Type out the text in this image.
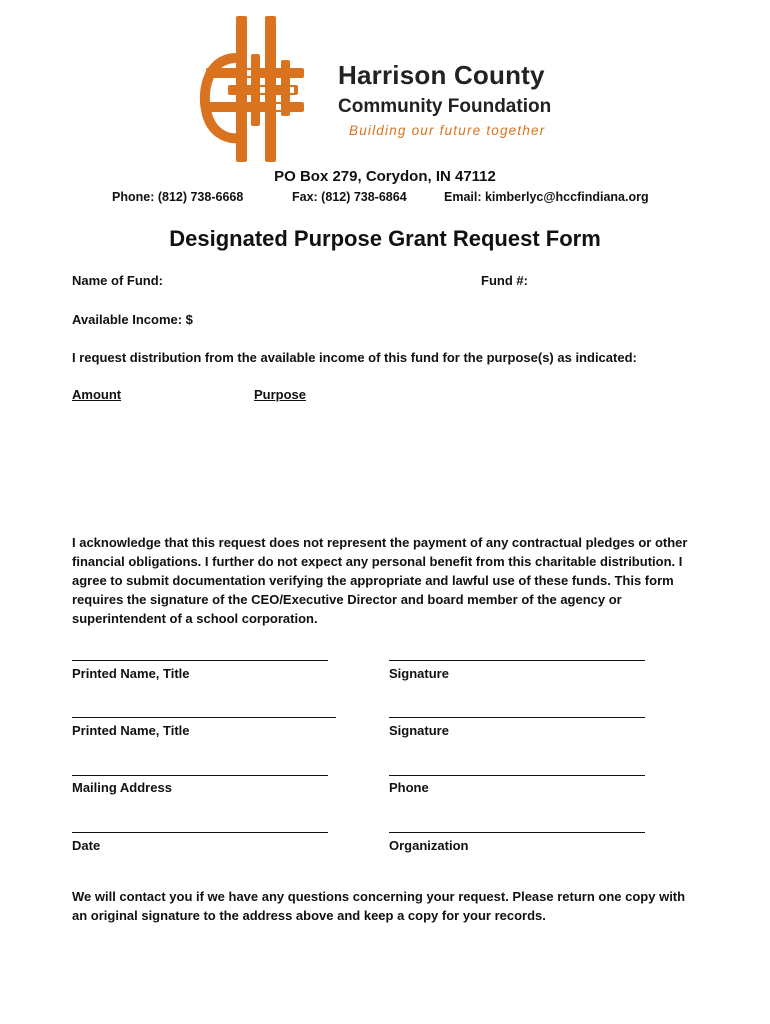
Harrison County
Community Foundation
Building our future together
PO Box 279, Corydon, IN 47112
Phone: (812) 738-6668	Fax: (812) 738-6864	Email: kimberlyc@hccfindiana.org
Designated Purpose Grant Request Form
Name of Fund:	Fund #:
Available Income: $
I request distribution from the available income of this fund for the purpose(s) as indicated:
Amount	Purpose
I acknowledge that this request does not represent the payment of any contractual pledges or other financial obligations. I further do not expect any personal benefit from this charitable distribution. I agree to submit documentation verifying the appropriate and lawful use of these funds. This form requires the signature of the CEO/Executive Director and board member of the agency or superintendent of a school corporation.
Printed Name, Title	Signature
Printed Name, Title	Signature
Mailing Address	Phone
Date	Organization
We will contact you if we have any questions concerning your request. Please return one copy with an original signature to the address above and keep a copy for your records.
